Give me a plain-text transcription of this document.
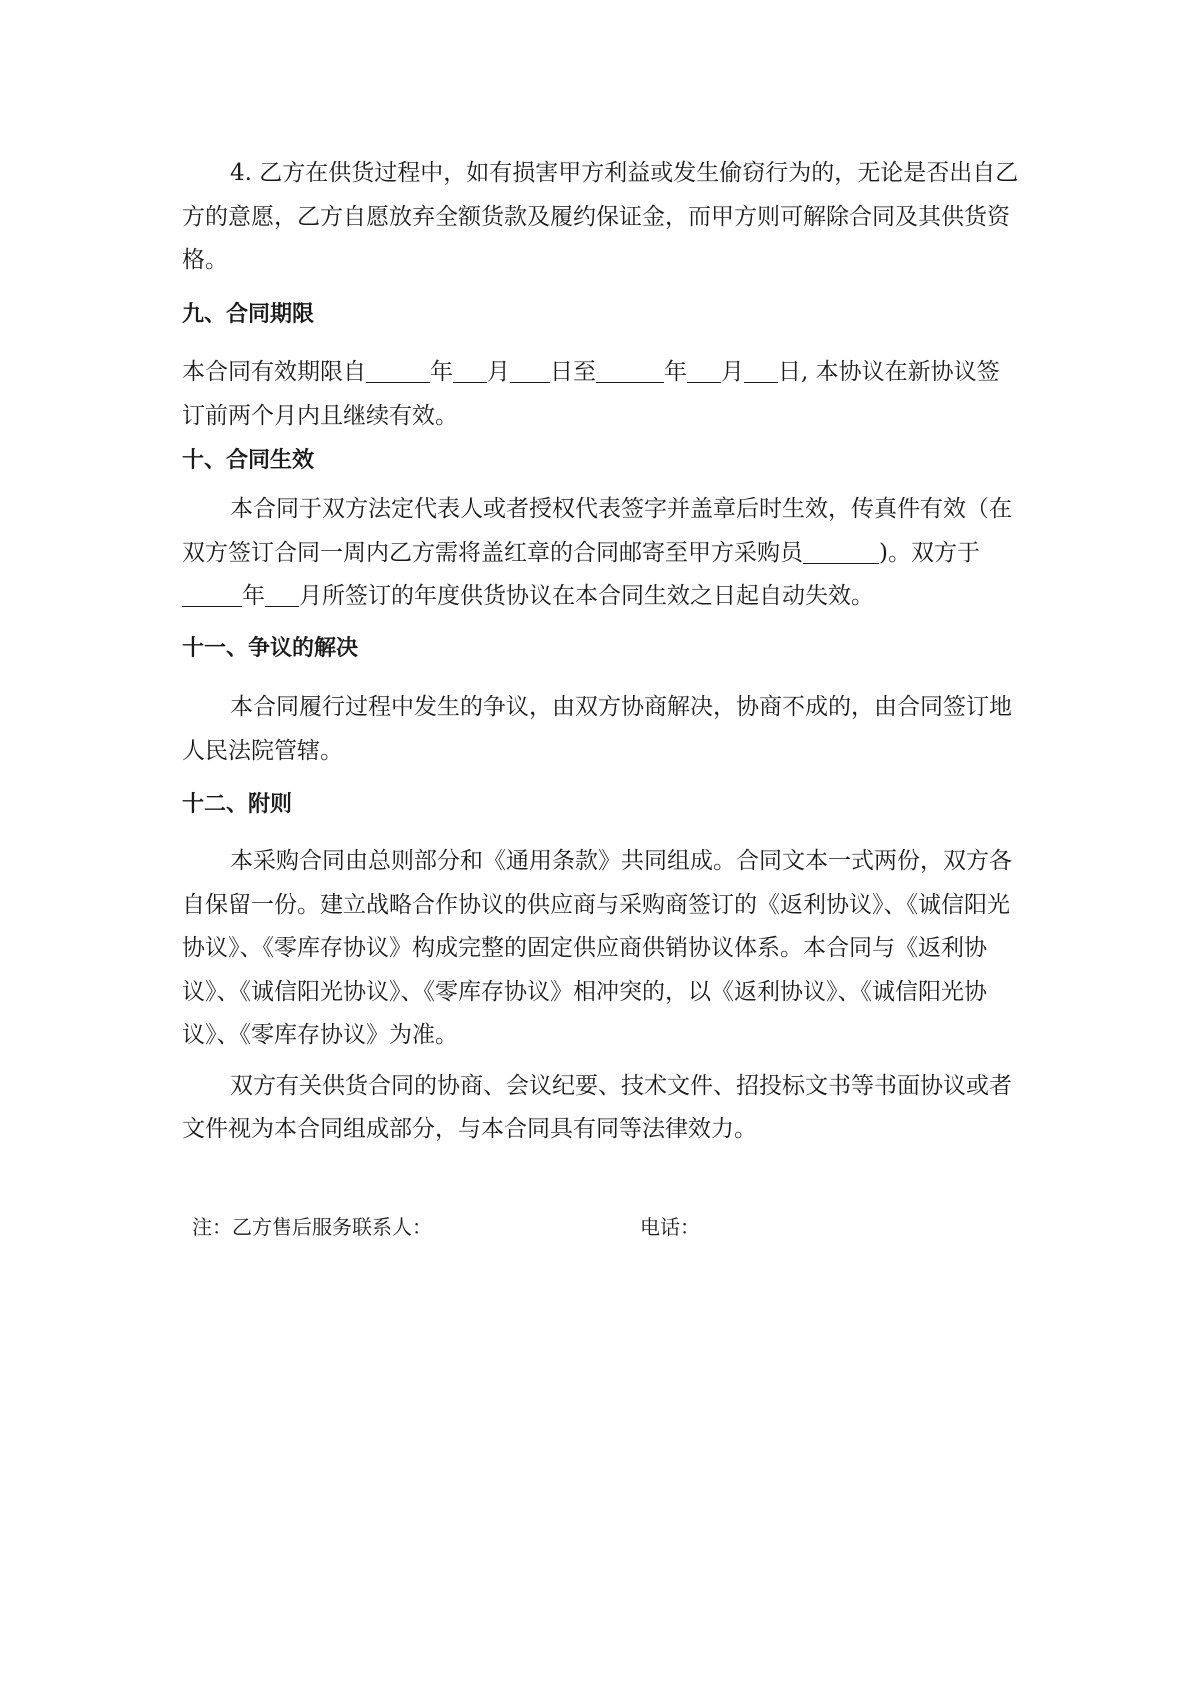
4. 乙方在供货过程中，如有损害甲方利益或发生偷窃行为的，无论是否出自乙方的意愿，乙方自愿放弃全额货款及履约保证金，而甲方则可解除合同及其供货资格。

九、合同期限

本合同有效期限自	年 月 日至	年 月 日, 本协议在新协议签订前两个月内且继续有效。

十、合同生效

本合同于双方法定代表人或者授权代表签字并盖章后时生效，传真件有效（在双方签订合同一周内乙方需将盖红章的合同邮寄至甲方采购员	)。双方于年 月所签订的年度供货协议在本合同生效之日起自动失效。

十一、争议的解决

本合同履行过程中发生的争议，由双方协商解决，协商不成的，由合同签订地人民法院管辖。

十二、附则

本采购合同由总则部分和《通用条款》共同组成。合同文本一式两份，双方各自保留一份。建立战略合作协议的供应商与采购商签订的《返利协议》、《诚信阳光协议》、《零库存协议》构成完整的固定供应商供销协议体系。本合同与《返利协议》、《诚信阳光协议》、《零库存协议》相冲突的，以《返利协议》、《诚信阳光协议》、《零库存协议》为准。

双方有关供货合同的协商、会议纪要、技术文件、招投标文书等书面协议或者文件视为本合同组成部分，与本合同具有同等法律效力。

注：乙方售后服务联系人：	电话：
